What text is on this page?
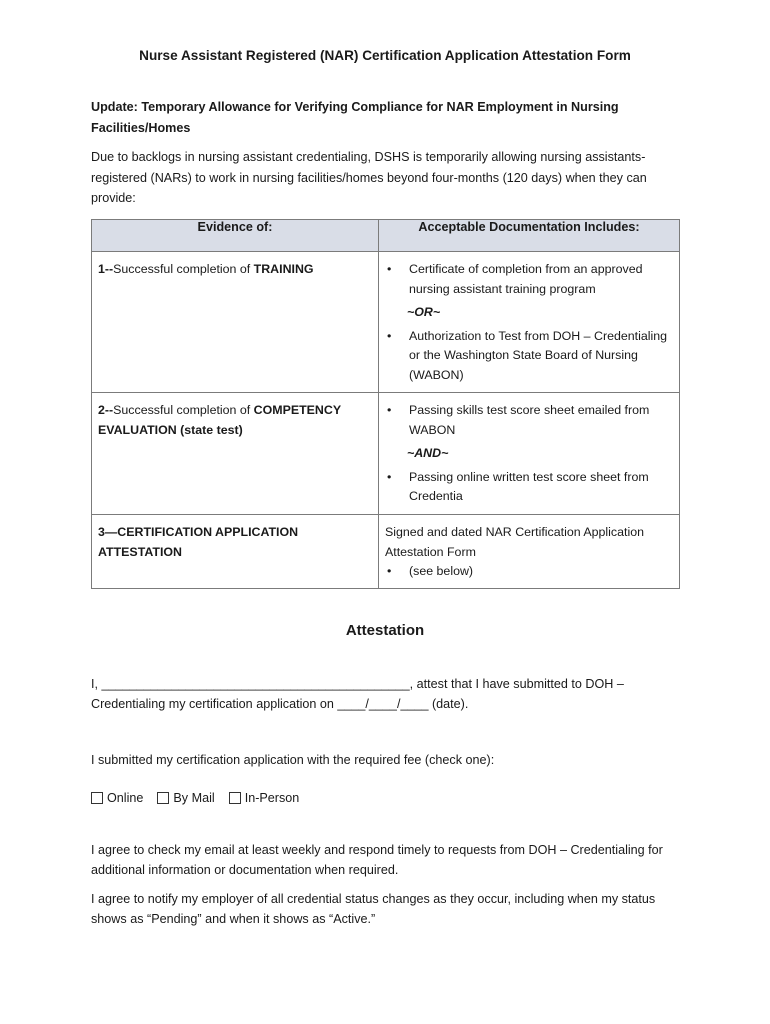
Nurse Assistant Registered (NAR) Certification Application Attestation Form
Update: Temporary Allowance for Verifying Compliance for NAR Employment in Nursing Facilities/Homes
Due to backlogs in nursing assistant credentialing, DSHS is temporarily allowing nursing assistants-registered (NARs) to work in nursing facilities/homes beyond four-months (120 days) when they can provide:
Evidence of:	Acceptable Documentation Includes:
1--Successful completion of TRAINING	• Certificate of completion from an approved nursing assistant training program
~OR~
• Authorization to Test from DOH – Credentialing or the Washington State Board of Nursing (WABON)

2--Successful completion of COMPETENCY EVALUATION (state test)	• Passing skills test score sheet emailed from WABON
~AND~
• Passing online written test score sheet from Credentia

3—CERTIFICATION APPLICATION ATTESTATION	Signed and dated NAR Certification Application Attestation Form
• (see below)
Attestation
I, ____________________________________________, attest that I have submitted to DOH –
Credentialing my certification application on ____/____/____ (date).
I submitted my certification application with the required fee (check one):
Online By Mail In-Person
I agree to check my email at least weekly and respond timely to requests from DOH – Credentialing for additional information or documentation when required.
I agree to notify my employer of all credential status changes as they occur, including when my status shows as “Pending” and when it shows as “Active.”
